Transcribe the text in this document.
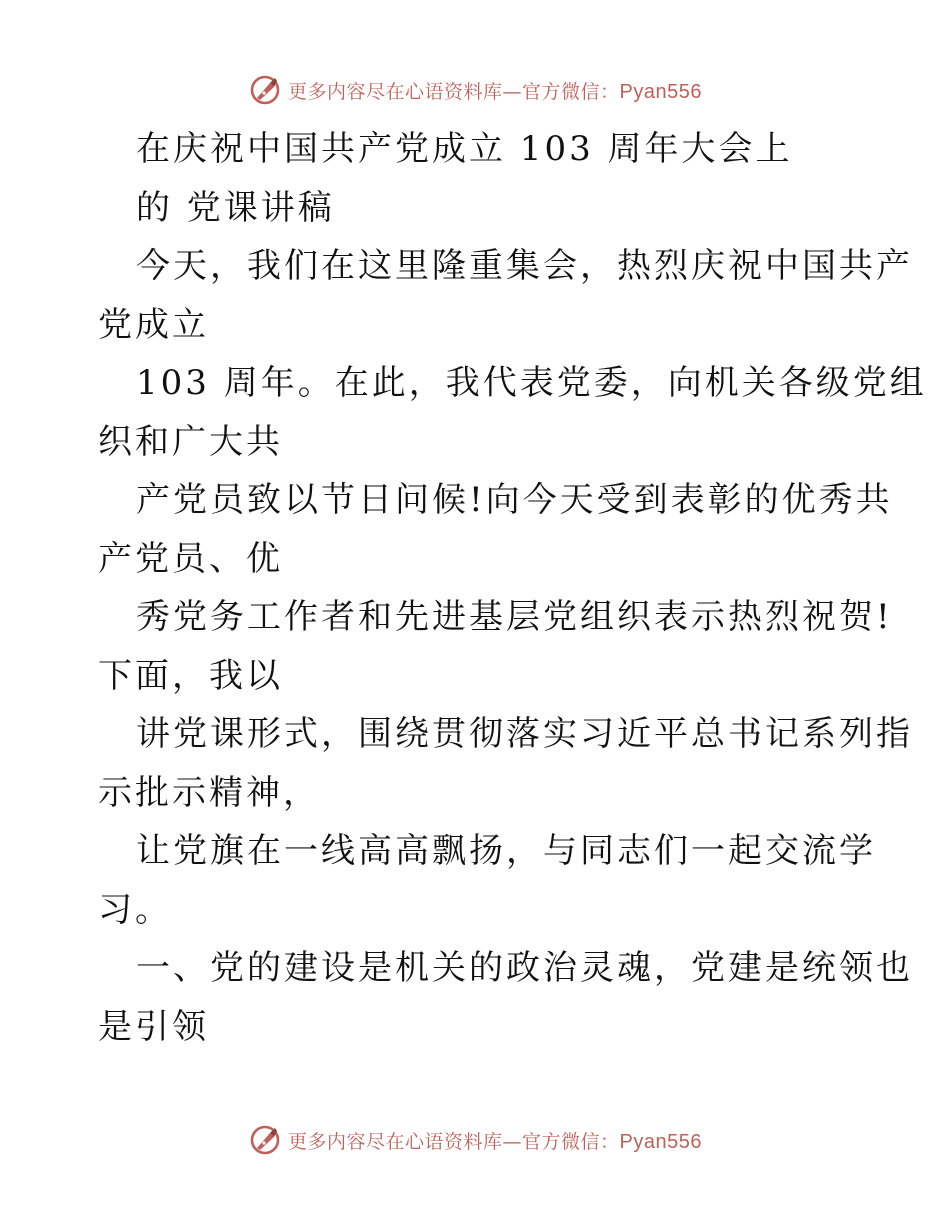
更多内容尽在心语资料库—官方微信：Pyan556
在庆祝中国共产党成立 103 周年大会上
的 党课讲稿
今天，我们在这里隆重集会，热烈庆祝中国共产
党成立
103 周年。在此，我代表党委，向机关各级党组
织和广大共
产党员致以节日问候!向今天受到表彰的优秀共
产党员、优
秀党务工作者和先进基层党组织表示热烈祝贺!
下面，我以
讲党课形式，围绕贯彻落实习近平总书记系列指
示批示精神，
让党旗在一线高高飘扬，与同志们一起交流学
习。
一、党的建设是机关的政治灵魂，党建是统领也
是引领
更多内容尽在心语资料库—官方微信：Pyan556
